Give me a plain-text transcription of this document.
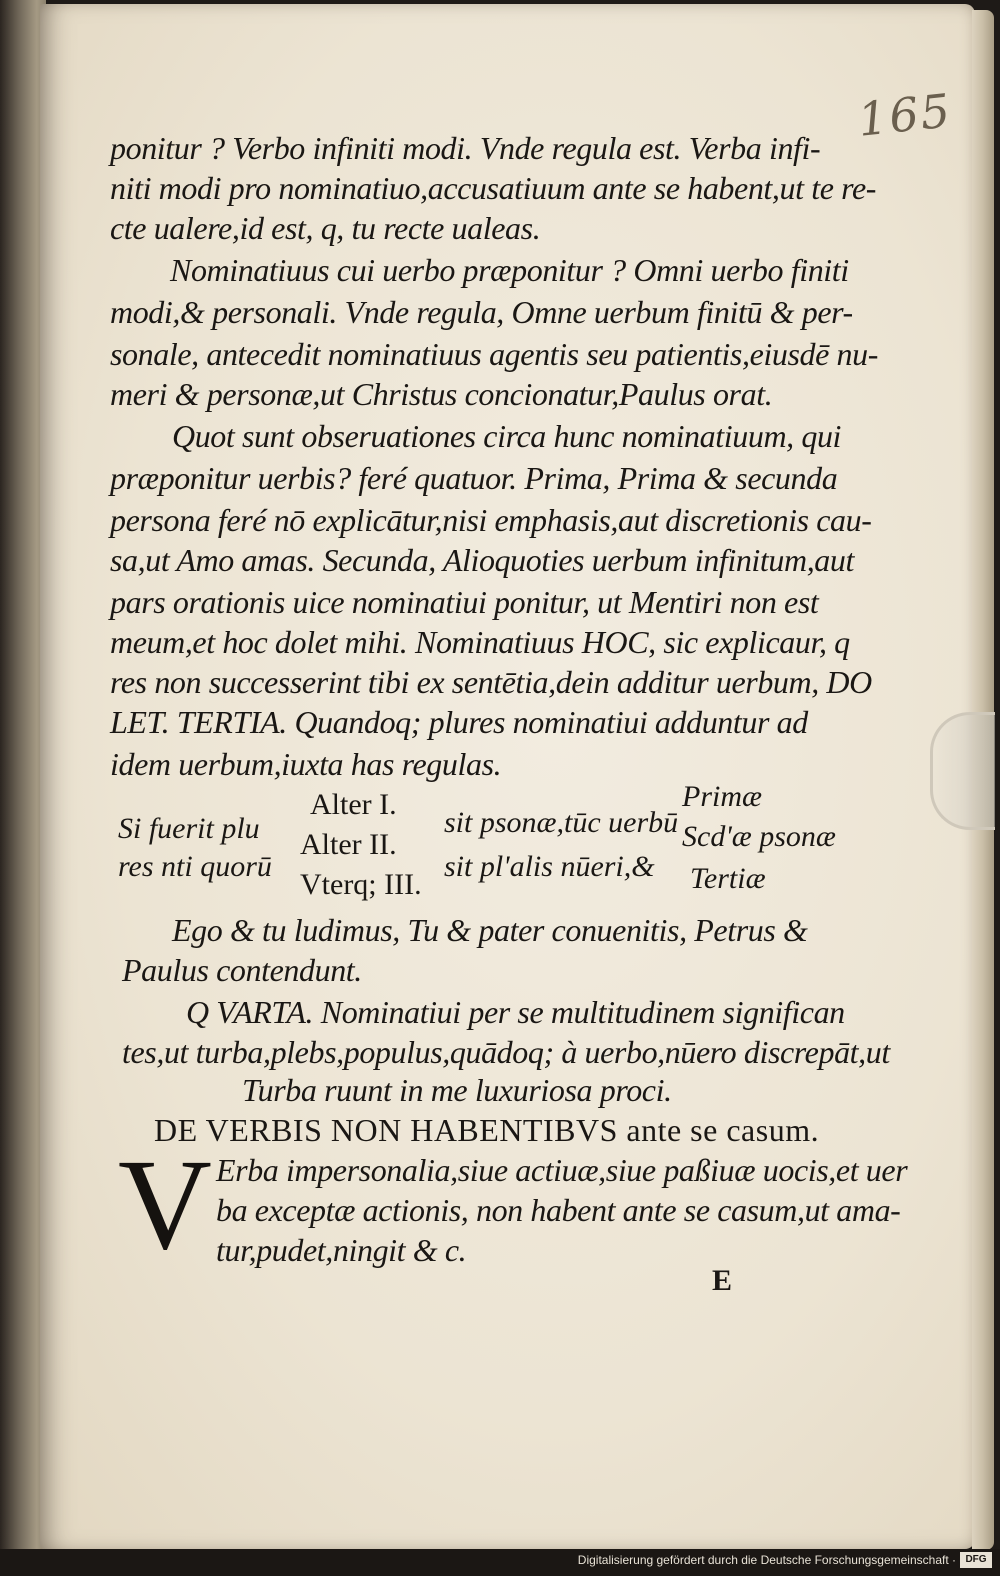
165
ponitur ? Verbo infiniti modi. Vnde regula est. Verba infi-
niti modi pro nominatiuo,accusatiuum ante se habent,ut te re-
cte ualere,id est, q, tu recte ualeas.
Nominatiuus cui uerbo præponitur ? Omni uerbo finiti
modi,& personali. Vnde regula, Omne uerbum finitū & per-
sonale, antecedit nominatiuus agentis seu patientis,eiusdē nu-
meri & personæ,ut Christus concionatur,Paulus orat.
Quot sunt obseruationes circa hunc nominatiuum, qui
præponitur uerbis? feré quatuor. Prima, Prima & secunda
persona feré nō explicātur,nisi emphasis,aut discretionis cau-
sa,ut Amo amas. Secunda, Alioquoties uerbum infinitum,aut
pars orationis uice nominatiui ponitur, ut Mentiri non est
meum,et hoc dolet mihi. Nominatiuus HOC, sic explicaur, q
res non successerint tibi ex sentētia,dein additur uerbum, DO
LET. TERTIA. Quandoq; plures nominatiui adduntur ad
idem uerbum,iuxta has regulas.
Si fuerit plu
res nti quorū
Alter I.
Alter II.
Vterq; III.
sit psonæ,tūc uerbū
sit pl'alis nūeri,&
Primæ
Scd'æ psonæ
Tertiæ
Ego & tu ludimus, Tu & pater conuenitis, Petrus &
Paulus contendunt.
Q VARTA. Nominatiui per se multitudinem significan
tes,ut turba,plebs,populus,quādoq; à uerbo,nūero discrepāt,ut
Turba ruunt in me luxuriosa proci.
DE VERBIS NON HABENTIBVS ante se casum.
V Erba impersonalia,siue actiuæ,siue paßiuæ uocis,et uer
ba exceptæ actionis, non habent ante se casum,ut ama-
tur,pudet,ningit & c.
E
Digitalisierung gefördert durch die Deutsche Forschungsgemeinschaft · DFG
